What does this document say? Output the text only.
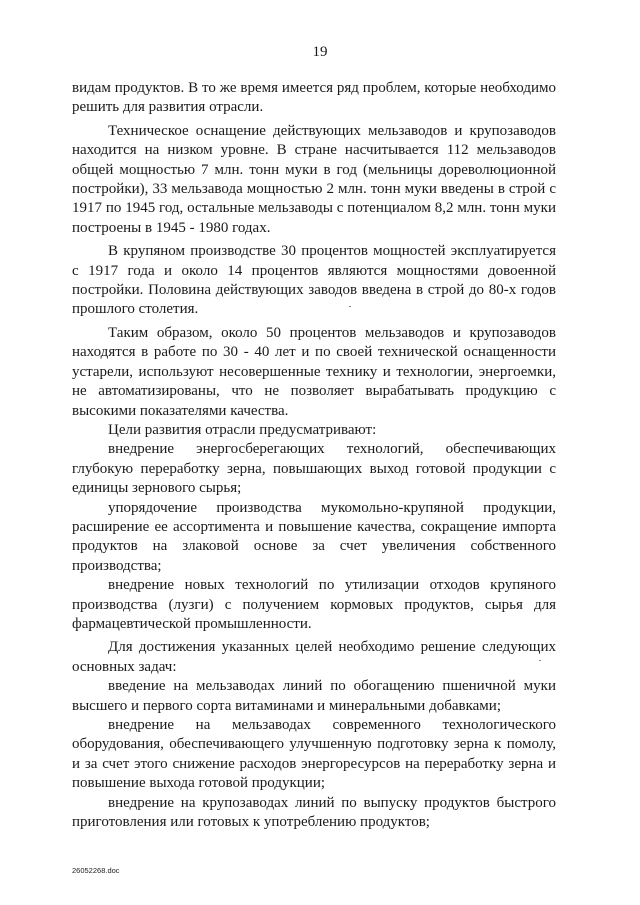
19

видам продуктов. В то же время имеется ряд проблем, которые необходимо решить для развития отрасли.

Техническое оснащение действующих мельзаводов и крупозаводов находится на низком уровне. В стране насчитывается 112 мельзаводов общей мощностью 7 млн. тонн муки в год (мельницы дореволюционной постройки), 33 мельзавода мощностью 2 млн. тонн муки введены в строй с 1917 по 1945 год, остальные мельзаводы с потенциалом 8,2 млн. тонн муки построены в 1945 - 1980 годах.

В крупяном производстве 30 процентов мощностей эксплуатируется с 1917 года и около 14 процентов являются мощностями довоенной постройки. Половина действующих заводов введена в строй до 80-х годов прошлого столетия.

Таким образом, около 50 процентов мельзаводов и крупозаводов находятся в работе по 30 - 40 лет и по своей технической оснащенности устарели, используют несовершенные технику и технологии, энергоемки, не автоматизированы, что не позволяет вырабатывать продукцию с высокими показателями качества.

Цели развития отрасли предусматривают:

внедрение энергосберегающих технологий, обеспечивающих глубокую переработку зерна, повышающих выход готовой продукции с единицы зернового сырья;

упорядочение производства мукомольно-крупяной продукции, расширение ее ассортимента и повышение качества, сокращение импорта продуктов на злаковой основе за счет увеличения собственного производства;

внедрение новых технологий по утилизации отходов крупяного производства (лузги) с получением кормовых продуктов, сырья для фармацевтической промышленности.

Для достижения указанных целей необходимо решение следующих основных задач:

введение на мельзаводах линий по обогащению пшеничной муки высшего и первого сорта витаминами и минеральными добавками;

внедрение на мельзаводах современного технологического оборудования, обеспечивающего улучшенную подготовку зерна к помолу, и за счет этого снижение расходов энергоресурсов на переработку зерна и повышение выхода готовой продукции;

внедрение на крупозаводах линий по выпуску продуктов быстрого приготовления или готовых к употреблению продуктов;

26052268.doc
